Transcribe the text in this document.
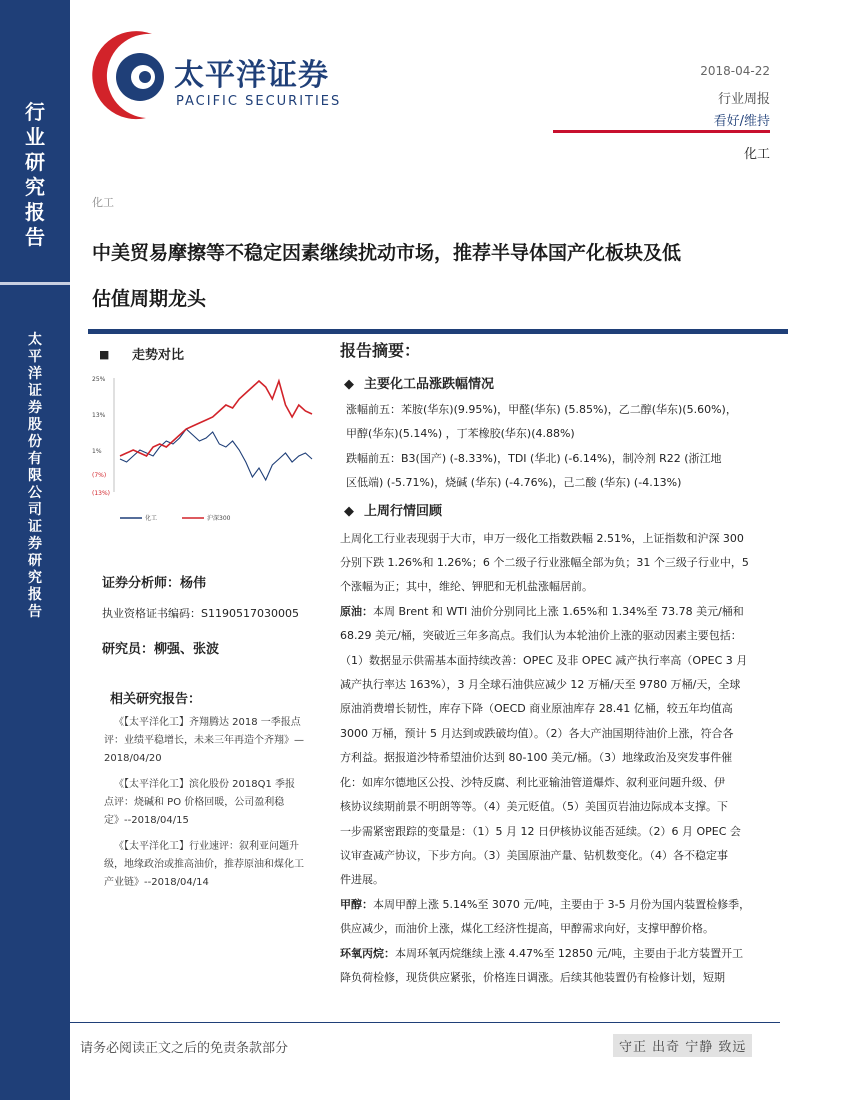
行
业
研
究
报
告
太
平
洋
证
券
股
份
有
限
公
司
证
券
研
究
报
告
太平洋证券
PACIFIC SECURITIES
2018-04-22
行业周报
看好/维持
化工
化工
中美贸易摩擦等不稳定因素继续扰动市场，推荐半导体国产化板块及低
估值周期龙头
■ 走势对比
25%
13%
1%
(7%)
(13%)
化工	沪深300
证券分析师：杨伟
执业资格证书编码：S1190517030005
研究员：柳强、张波
相关研究报告：

《【太平洋化工】齐翔腾达 2018 一季报点评：业绩平稳增长，未来三年再造个齐翔》—2018/04/20

《【太平洋化工】滨化股份 2018Q1 季报点评：烧碱和 PO 价格回暖，公司盈利稳定》--2018/04/15

《【太平洋化工】行业速评：叙利亚问题升级，地缘政治或推高油价，推荐原油和煤化工产业链》--2018/04/14

报告摘要：
◆ 主要化工品涨跌幅情况
涨幅前五：苯胺(华东)(9.95%)，甲醛(华东) (5.85%)，乙二醇(华东)(5.60%)，
甲醇(华东)(5.14%) ，丁苯橡胶(华东)(4.88%)
跌幅前五：B3(国产) (-8.33%)，TDI (华北) (-6.14%)，制冷剂 R22 (浙江地
区低端) (-5.71%)，烧碱 (华东) (-4.76%)，己二酸 (华东) (-4.13%)
◆ 上周行情回顾
上周化工行业表现弱于大市，申万一级化工指数跌幅 2.51%，上证指数和沪深 300
分别下跌 1.26%和 1.26%；6 个二级子行业涨幅全部为负；31 个三级子行业中，5
个涨幅为正；其中，维纶、钾肥和无机盐涨幅居前。
原油：本周 Brent 和 WTI 油价分别同比上涨 1.65%和 1.34%至 73.78 美元/桶和
68.29 美元/桶，突破近三年多高点。我们认为本轮油价上涨的驱动因素主要包括：
（1）数据显示供需基本面持续改善：OPEC 及非 OPEC 减产执行率高（OPEC 3 月
减产执行率达 163%），3 月全球石油供应减少 12 万桶/天至 9780 万桶/天，全球
原油消费增长韧性，库存下降（OECD 商业原油库存 28.41 亿桶，较五年均值高
3000 万桶，预计 5 月达到或跌破均值）。（2）各大产油国期待油价上涨，符合各
方利益。据报道沙特希望油价达到 80-100 美元/桶。（3）地缘政治及突发事件催
化：如库尔德地区公投、沙特反腐、利比亚输油管道爆炸、叙利亚问题升级、伊
核协议续期前景不明朗等等。（4）美元贬值。（5）美国页岩油边际成本支撑。下
一步需紧密跟踪的变量是：（1）5 月 12 日伊核协议能否延续。（2）6 月 OPEC 会
议审查减产协议，下步方向。（3）美国原油产量、钻机数变化。（4）各不稳定事
件进展。
甲醇：本周甲醇上涨 5.14%至 3070 元/吨，主要由于 3-5 月份为国内装置检修季，
供应减少，而油价上涨，煤化工经济性提高，甲醇需求向好，支撑甲醇价格。
环氧丙烷：本周环氧丙烷继续上涨 4.47%至 12850 元/吨，主要由于北方装置开工
降负荷检修，现货供应紧张，价格连日调涨。后续其他装置仍有检修计划，短期
请务必阅读正文之后的免责条款部分	守正 出奇 宁静 致远
